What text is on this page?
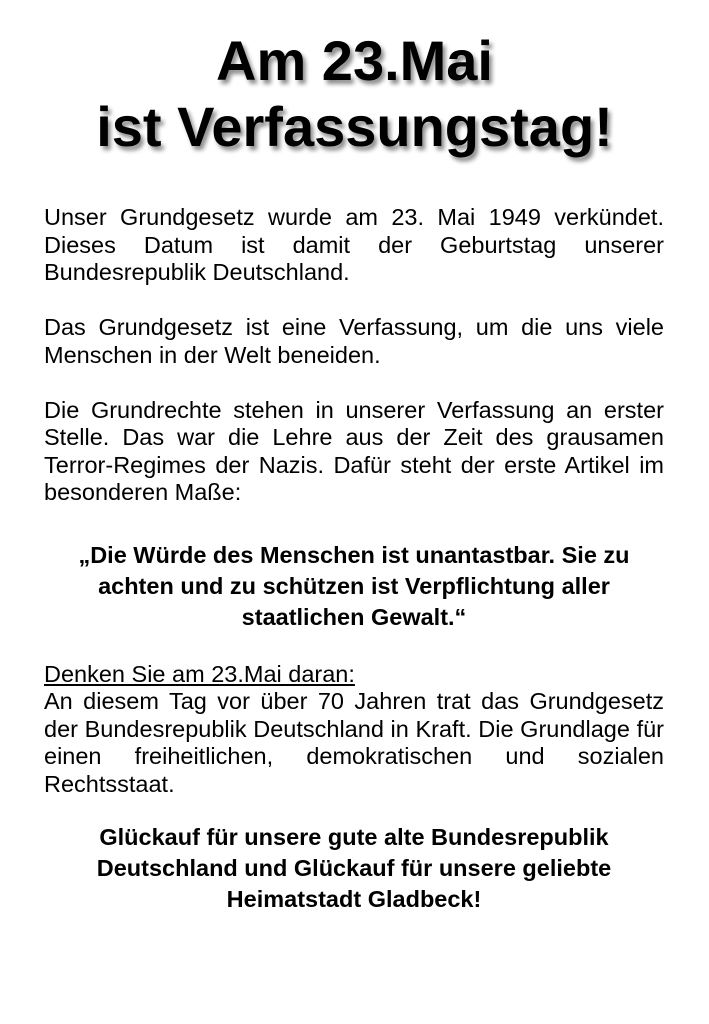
Am 23.Mai
ist Verfassungstag!

Unser Grundgesetz wurde am 23. Mai 1949 verkündet. Dieses Datum ist damit der Geburtstag unserer Bundesrepublik Deutschland.

Das Grundgesetz ist eine Verfassung, um die uns viele Menschen in der Welt beneiden.

Die Grundrechte stehen in unserer Verfassung an erster Stelle. Das war die Lehre aus der Zeit des grausamen Terror-Regimes der Nazis. Dafür steht der erste Artikel im besonderen Maße:

„Die Würde des Menschen ist unantastbar. Sie zu
achten und zu schützen ist Verpflichtung aller
staatlichen Gewalt.“
Denken Sie am 23.Mai daran:
An diesem Tag vor über 70 Jahren trat das Grundgesetz der Bundesrepublik Deutschland in Kraft. Die Grundlage für einen freiheitlichen, demokratischen und sozialen Rechtsstaat.
Glückauf für unsere gute alte Bundesrepublik
Deutschland und Glückauf für unsere geliebte
Heimatstadt Gladbeck!
